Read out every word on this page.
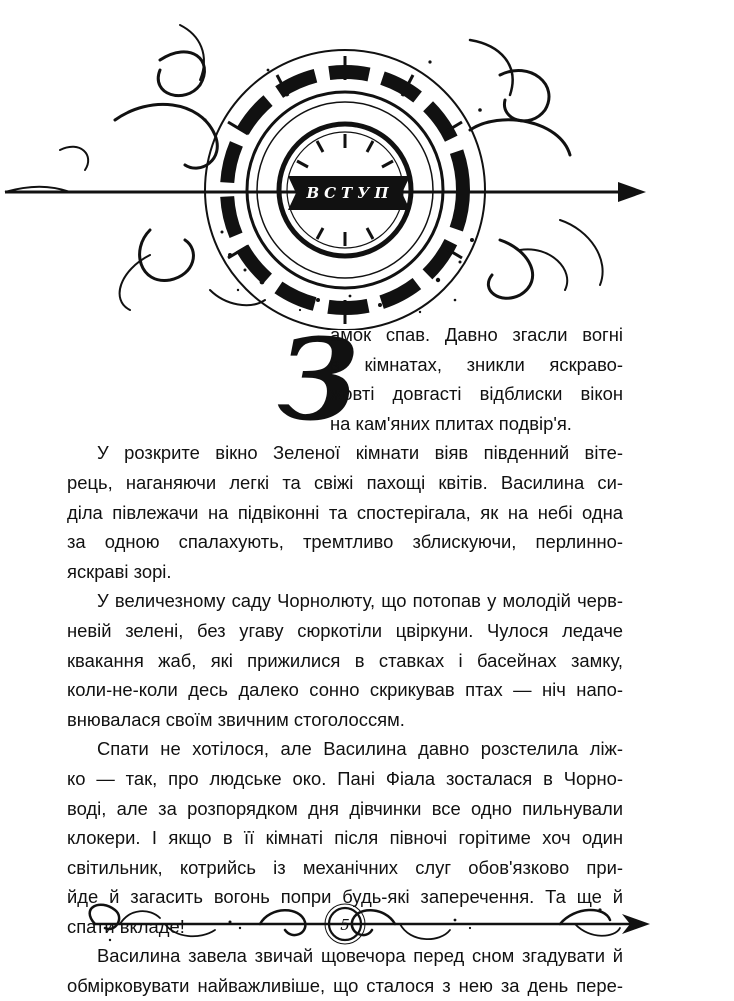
ВСТУП
З
амок спав. Давно згасли вогні
в кімнатах, зникли яскраво-
жовті довгасті відблиски вікон
на кам'яних плитах подвір'я.
У розкрите вікно Зеленої кімнати віяв південний віте-
рець, наганяючи легкі та свіжі пахощі квітів. Василина си-
діла півлежачи на підвіконні та спостерігала, як на небі одна
за одною спалахують, тремтливо зблискуючи, перлинно-
яскраві зорі.
У величезному саду Чорнолюту, що потопав у молодій черв-
невій зелені, без угаву сюркотіли цвіркуни. Чулося ледаче
квакання жаб, які прижилися в ставках і басейнах замку,
коли-не-коли десь далеко сонно скрикував птах — ніч напо-
внювалася своїм звичним стоголоссям.
Спати не хотілося, але Василина давно розстелила ліж-
ко — так, про людське око. Пані Фіала зосталася в Чорно-
воді, але за розпорядком дня дівчинки все одно пильнували
клокери. І якщо в її кімнаті після півночі горітиме хоч один
світильник, котрийсь із механічних слуг обов'язково при-
йде й загасить вогонь попри будь-які заперечення. Та ще й
спати вкладе!
Василина завела звичай щовечора перед сном згадувати й
обмірковувати найважливіше, що сталося з нею за день пере-
5
